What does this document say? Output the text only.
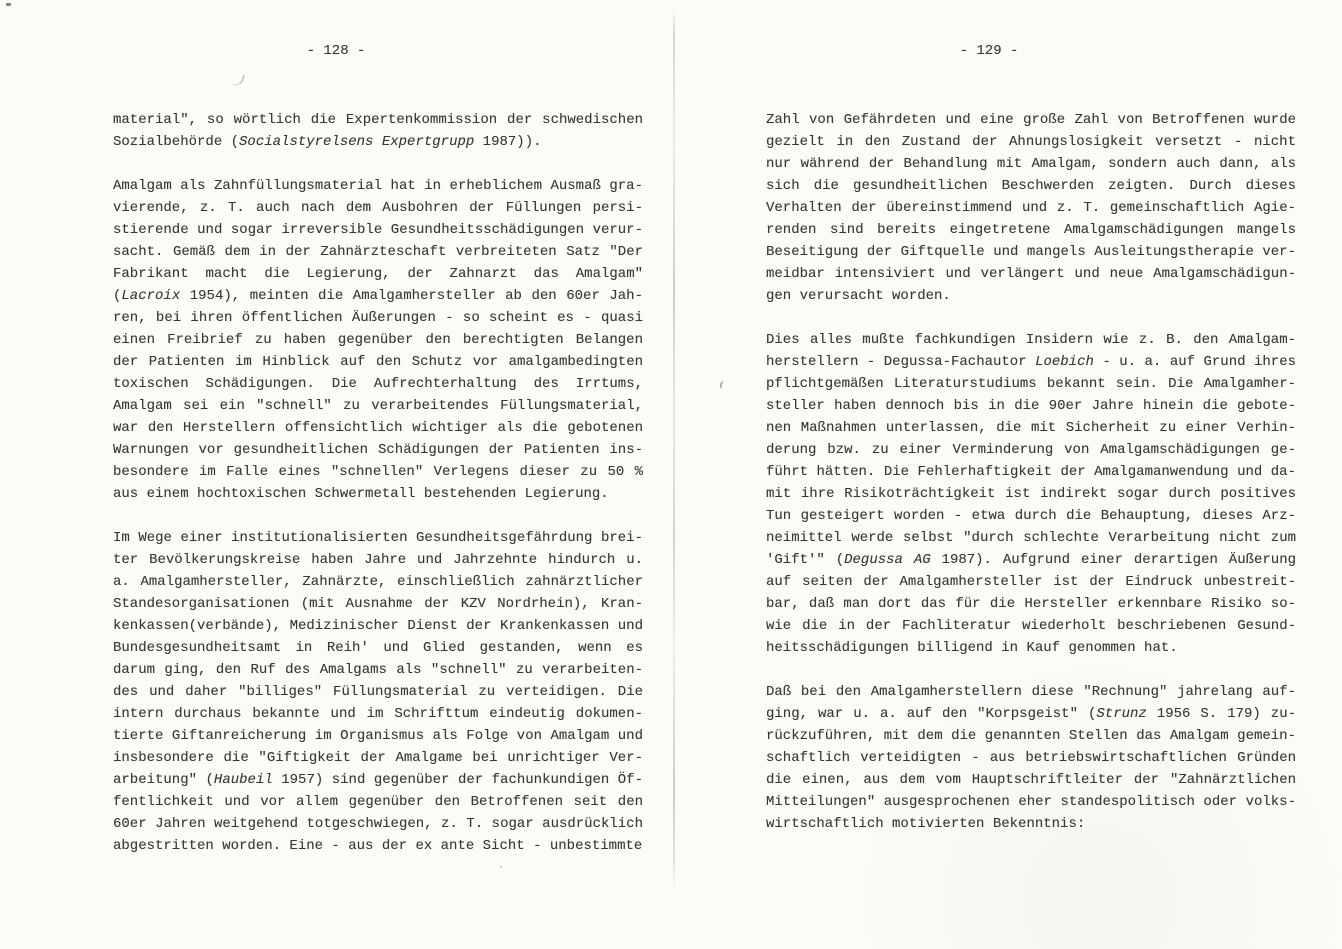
- 128 -
material", so wörtlich die Expertenkommission der schwedischen
Sozialbehörde (Socialstyrelsens Expertgrupp 1987)).
Amalgam als Zahnfüllungsmaterial hat in erheblichem Ausmaß gra-
vierende, z. T. auch nach dem Ausbohren der Füllungen persi-
stierende und sogar irreversible Gesundheitsschädigungen verur-
sacht. Gemäß dem in der Zahnärzteschaft verbreiteten Satz "Der
Fabrikant macht die Legierung, der Zahnarzt das Amalgam"
(Lacroix 1954), meinten die Amalgamhersteller ab den 60er Jah-
ren, bei ihren öffentlichen Äußerungen - so scheint es - quasi
einen Freibrief zu haben gegenüber den berechtigten Belangen
der Patienten im Hinblick auf den Schutz vor amalgambedingten
toxischen Schädigungen. Die Aufrechterhaltung des Irrtums,
Amalgam sei ein "schnell" zu verarbeitendes Füllungsmaterial,
war den Herstellern offensichtlich wichtiger als die gebotenen
Warnungen vor gesundheitlichen Schädigungen der Patienten ins-
besondere im Falle eines "schnellen" Verlegens dieser zu 50 %
aus einem hochtoxischen Schwermetall bestehenden Legierung.
Im Wege einer institutionalisierten Gesundheitsgefährdung brei-
ter Bevölkerungskreise haben Jahre und Jahrzehnte hindurch u.
a. Amalgamhersteller, Zahnärzte, einschließlich zahnärztlicher
Standesorganisationen (mit Ausnahme der KZV Nordrhein), Kran-
kenkassen(verbände), Medizinischer Dienst der Krankenkassen und
Bundesgesundheitsamt in Reih' und Glied gestanden, wenn es
darum ging, den Ruf des Amalgams als "schnell" zu verarbeiten-
des und daher "billiges" Füllungsmaterial zu verteidigen. Die
intern durchaus bekannte und im Schrifttum eindeutig dokumen-
tierte Giftanreicherung im Organismus als Folge von Amalgam und
insbesondere die "Giftigkeit der Amalgame bei unrichtiger Ver-
arbeitung" (Haubeil 1957) sind gegenüber der fachunkundigen Öf-
fentlichkeit und vor allem gegenüber den Betroffenen seit den
60er Jahren weitgehend totgeschwiegen, z. T. sogar ausdrücklich
abgestritten worden. Eine - aus der ex ante Sicht - unbestimmte
- 129 -
Zahl von Gefährdeten und eine große Zahl von Betroffenen wurde
gezielt in den Zustand der Ahnungslosigkeit versetzt - nicht
nur während der Behandlung mit Amalgam, sondern auch dann, als
sich die gesundheitlichen Beschwerden zeigten. Durch dieses
Verhalten der übereinstimmend und z. T. gemeinschaftlich Agie-
renden sind bereits eingetretene Amalgamschädigungen mangels
Beseitigung der Giftquelle und mangels Ausleitungstherapie ver-
meidbar intensiviert und verlängert und neue Amalgamschädigun-
gen verursacht worden.
Dies alles mußte fachkundigen Insidern wie z. B. den Amalgam-
herstellern - Degussa-Fachautor Loebich - u. a. auf Grund ihres
pflichtgemäßen Literaturstudiums bekannt sein. Die Amalgamher-
steller haben dennoch bis in die 90er Jahre hinein die gebote-
nen Maßnahmen unterlassen, die mit Sicherheit zu einer Verhin-
derung bzw. zu einer Verminderung von Amalgamschädigungen ge-
führt hätten. Die Fehlerhaftigkeit der Amalgamanwendung und da-
mit ihre Risikoträchtigkeit ist indirekt sogar durch positives
Tun gesteigert worden - etwa durch die Behauptung, dieses Arz-
neimittel werde selbst "durch schlechte Verarbeitung nicht zum
'Gift'" (Degussa AG 1987). Aufgrund einer derartigen Äußerung
auf seiten der Amalgamhersteller ist der Eindruck unbestreit-
bar, daß man dort das für die Hersteller erkennbare Risiko so-
wie die in der Fachliteratur wiederholt beschriebenen Gesund-
heitsschädigungen billigend in Kauf genommen hat.
Daß bei den Amalgamherstellern diese "Rechnung" jahrelang auf-
ging, war u. a. auf den "Korpsgeist" (Strunz 1956 S. 179) zu-
rückzuführen, mit dem die genannten Stellen das Amalgam gemein-
schaftlich verteidigten - aus betriebswirtschaftlichen Gründen
die einen, aus dem vom Hauptschriftleiter der "Zahnärztlichen
Mitteilungen" ausgesprochenen eher standespolitisch oder volks-
wirtschaftlich motivierten Bekenntnis:
